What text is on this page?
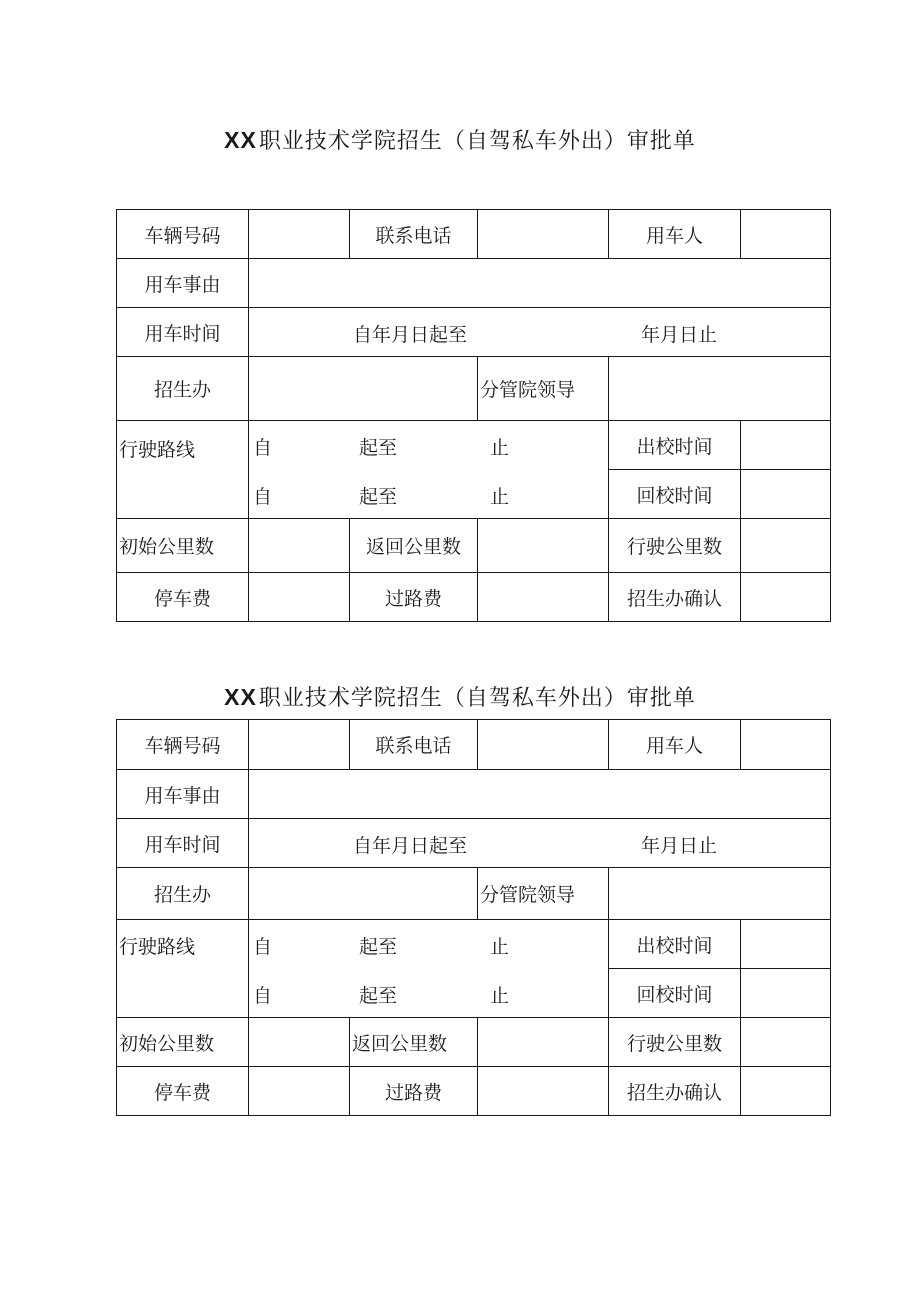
XX职业技术学院招生（自驾私车外出）审批单
车辆号码		联系电话		用车人	
用车事由					
用车时间	自年月日起至 年月日止				

招生办			分管院领导		
行驶路线	自 起至 止			出校时间	

	自 起至 止			回校时间	
初始公里数		返回公里数		行驶公里数	
停车费		过路费		招生办确认	
XX职业技术学院招生（自驾私车外出）审批单
车辆号码		联系电话		用车人	
用车事由					
用车时间	自年月日起至 年月日止				

招生办			分管院领导		
行驶路线	自 起至 止			出校时间	

	自 起至 止			回校时间	
初始公里数		返回公里数		行驶公里数	
停车费		过路费		招生办确认	
